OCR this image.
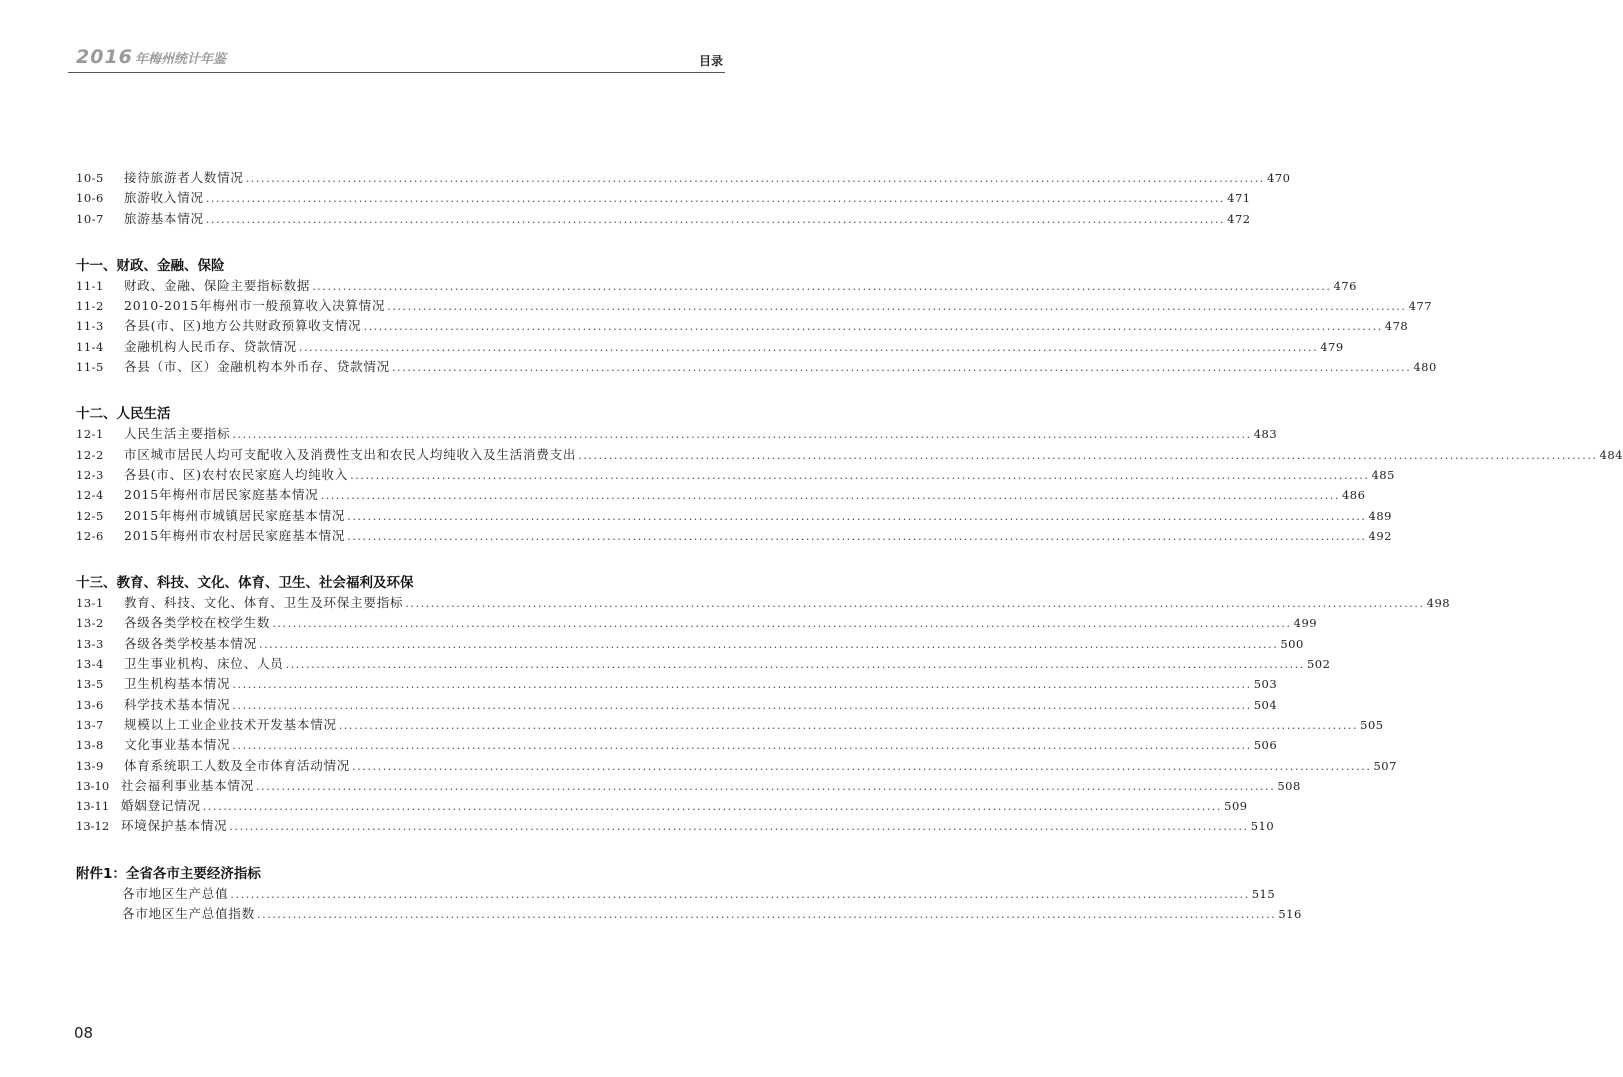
2016 年梅州统计年鉴	目录
10-5	接待旅游者人数情况 ........................................................................................................................................................................................................ 470
10-6	旅游收入情况 ........................................................................................................................................................................................................ 471
10-7	旅游基本情况 ........................................................................................................................................................................................................ 472
十一、财政、金融、保险
11-1	财政、金融、保险主要指标数据 ........................................................................................................................................................................................................ 476
11-2	2010-2015年梅州市一般预算收入决算情况 ........................................................................................................................................................................................................ 477
11-3	各县(市、区)地方公共财政预算收支情况 ........................................................................................................................................................................................................ 478
11-4	金融机构人民币存、贷款情况 ........................................................................................................................................................................................................ 479
11-5	各县（市、区）金融机构本外币存、贷款情况 ........................................................................................................................................................................................................ 480
十二、人民生活
12-1	人民生活主要指标 ........................................................................................................................................................................................................ 483
12-2	市区城市居民人均可支配收入及消费性支出和农民人均纯收入及生活消费支出 ........................................................................................................................................................................................................ 484
12-3	各县(市、区)农村农民家庭人均纯收入 ........................................................................................................................................................................................................ 485
12-4	2015年梅州市居民家庭基本情况 ........................................................................................................................................................................................................ 486
12-5	2015年梅州市城镇居民家庭基本情况 ........................................................................................................................................................................................................ 489
12-6	2015年梅州市农村居民家庭基本情况 ........................................................................................................................................................................................................ 492
十三、教育、科技、文化、体育、卫生、社会福利及环保
13-1	教育、科技、文化、体育、卫生及环保主要指标 ........................................................................................................................................................................................................ 498
13-2	各级各类学校在校学生数 ........................................................................................................................................................................................................ 499
13-3	各级各类学校基本情况 ........................................................................................................................................................................................................ 500
13-4	卫生事业机构、床位、人员 ........................................................................................................................................................................................................ 502
13-5	卫生机构基本情况 ........................................................................................................................................................................................................ 503
13-6	科学技术基本情况 ........................................................................................................................................................................................................ 504
13-7	规模以上工业企业技术开发基本情况 ........................................................................................................................................................................................................ 505
13-8	文化事业基本情况 ........................................................................................................................................................................................................ 506
13-9	体育系统职工人数及全市体育活动情况 ........................................................................................................................................................................................................ 507
13-10 社会福利事业基本情况 ........................................................................................................................................................................................................ 508
13-11 婚姻登记情况 ........................................................................................................................................................................................................ 509
13-12 环境保护基本情况 ........................................................................................................................................................................................................ 510
附件1：全省各市主要经济指标
各市地区生产总值 ........................................................................................................................................................................................................ 515
各市地区生产总值指数 ........................................................................................................................................................................................................ 516
08
